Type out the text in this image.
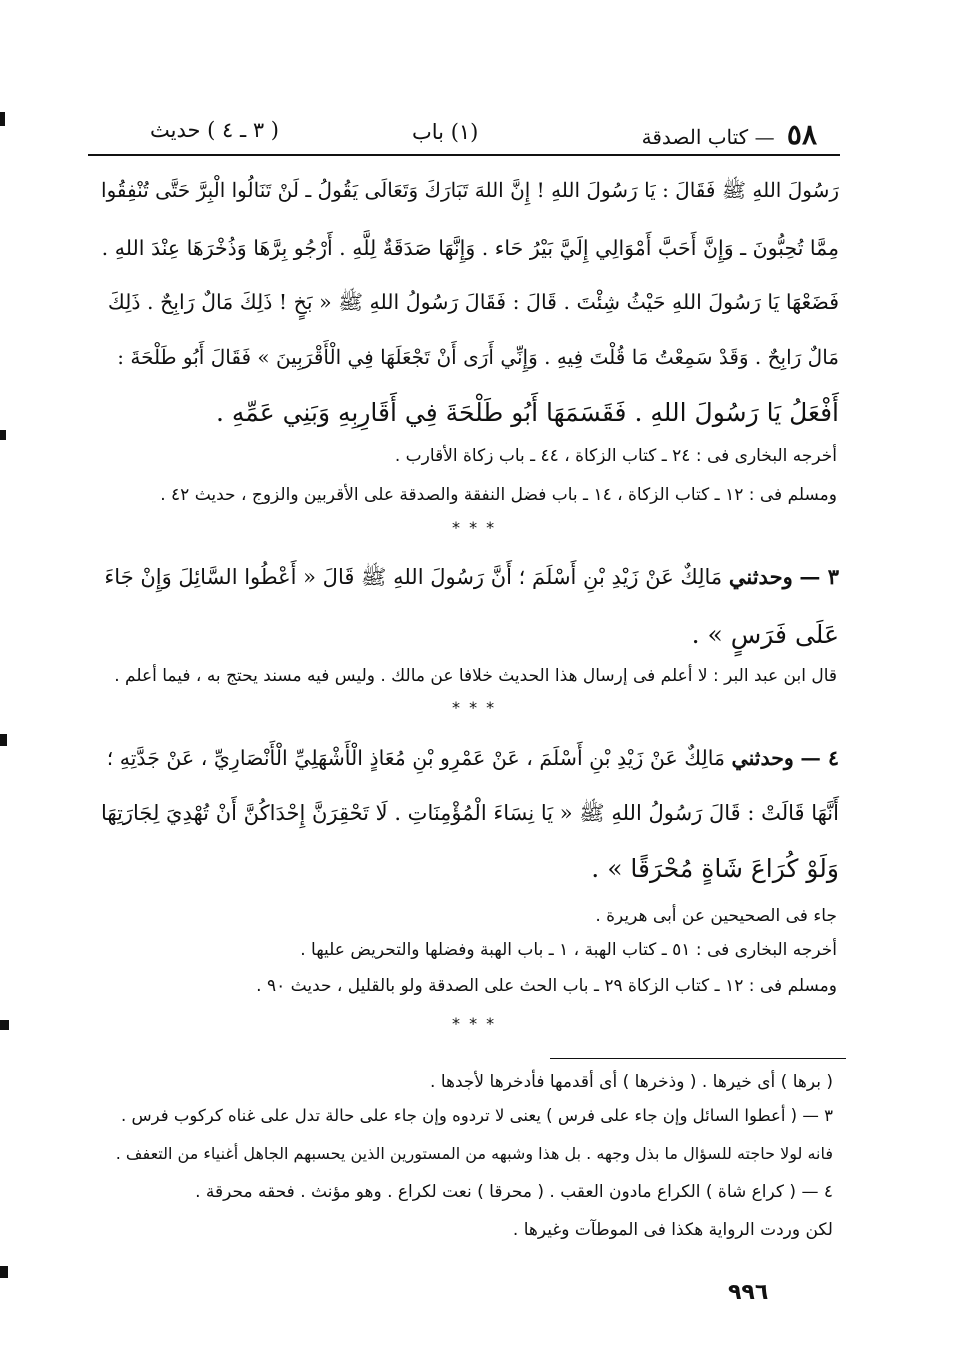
٥٨ — كتاب الصدقة
(١) باب
( ٣ ـ ٤ ) حديث
رَسُولَ اللهِ ﷺ فَقَالَ : يَا رَسُولَ اللهِ ! إِنَّ اللهَ تَبَارَكَ وَتَعَالَى يَقُولُ ـ لَنْ تَنَالُوا الْبِرَّ حَتَّى تُنْفِقُوا
مِمَّا تُحِبُّونَ ـ وَإِنَّ أَحَبَّ أَمْوَالِي إِلَيَّ بَيْرُ حَاء . وَإِنَّهَا صَدَقَةٌ لِلَّهِ . أَرْجُو بِرَّهَا وَذُخْرَهَا عِنْدَ اللهِ .
فَضَعْهَا يَا رَسُولَ اللهِ حَيْثُ شِئْتَ . قَالَ : فَقَالَ رَسُولُ اللهِ ﷺ « بَخٍ ! ذَلِكَ مَالٌ رَابِحٌ . ذَلِكَ
مَالٌ رَابِحٌ . وَقَدْ سَمِعْتُ مَا قُلْتَ فِيهِ . وَإِنِّي أَرَى أَنْ تَجْعَلَهَا فِي الْأَقْرَبِينَ » فَقَالَ أَبُو طَلْحَةَ :
أَفْعَلُ يَا رَسُولَ اللهِ . فَقَسَمَهَا أَبُو طَلْحَةَ فِي أَقَارِبِهِ وَبَنِي عَمِّهِ .
أخرجه البخارى فى : ٢٤ ـ كتاب الزكاة ، ٤٤ ـ باب زكاة الأقارب .
ومسلم فى : ١٢ ـ كتاب الزكاة ، ١٤ ـ باب فضل النفقة والصدقة على الأقربين والزوج ، حديث ٤٢ .
* * *
٣ — وحدثني مَالِكٌ عَنْ زَيْدِ بْنِ أَسْلَمَ ؛ أَنَّ رَسُولَ اللهِ ﷺ قَالَ « أَعْطُوا السَّائِلَ وَإِنْ جَاءَ
عَلَى فَرَسٍ » .
قال ابن عبد البر : لا أعلم فى إرسال هذا الحديث خلافا عن مالك . وليس فيه مسند يحتج به ، فيما أعلم .
* * *
٤ — وحدثني مَالِكٌ عَنْ زَيْدِ بْنِ أَسْلَمَ ، عَنْ عَمْرِو بْنِ مُعَاذٍ الْأَشْهَلِيِّ الْأَنْصَارِيِّ ، عَنْ جَدَّتِهِ ؛
أَنَّهَا قَالَتْ : قَالَ رَسُولُ اللهِ ﷺ « يَا نِسَاءَ الْمُؤْمِنَاتِ . لَا تَحْقِرَنَّ إِحْدَاكُنَّ أَنْ تُهْدِيَ لِجَارَتِهَا
وَلَوْ كُرَاعَ شَاةٍ مُحْرَقًا » .
جاء فى الصحيحين عن أبى هريرة .
أخرجه البخارى فى : ٥١ ـ كتاب الهبة ، ١ ـ باب الهبة وفضلها والتحريض عليها .
ومسلم فى : ١٢ ـ كتاب الزكاة ٢٩ ـ باب الحث على الصدقة ولو بالقليل ، حديث ٩٠ .
* * *
( برها ) أى خيرها . ( وذخرها ) أى أقدمها فأدخرها لأجدها .
٣ — ( أعطوا السائل وإن جاء على فرس ) يعنى لا تردوه وإن جاء على حالة تدل على غناه كركوب فرس .
فانه لولا حاجته للسؤال ما بذل وجهه . بل هذا وشبهه من المستورين الذين يحسبهم الجاهل أغنياء من التعفف .
٤ — ( كراع شاة ) الكراع مادون العقب . ( محرقا ) نعت لكراع . وهو مؤنث . فحقه محرقة .
لكن وردت الرواية هكذا فى الموطآت وغيرها .
٩٩٦
